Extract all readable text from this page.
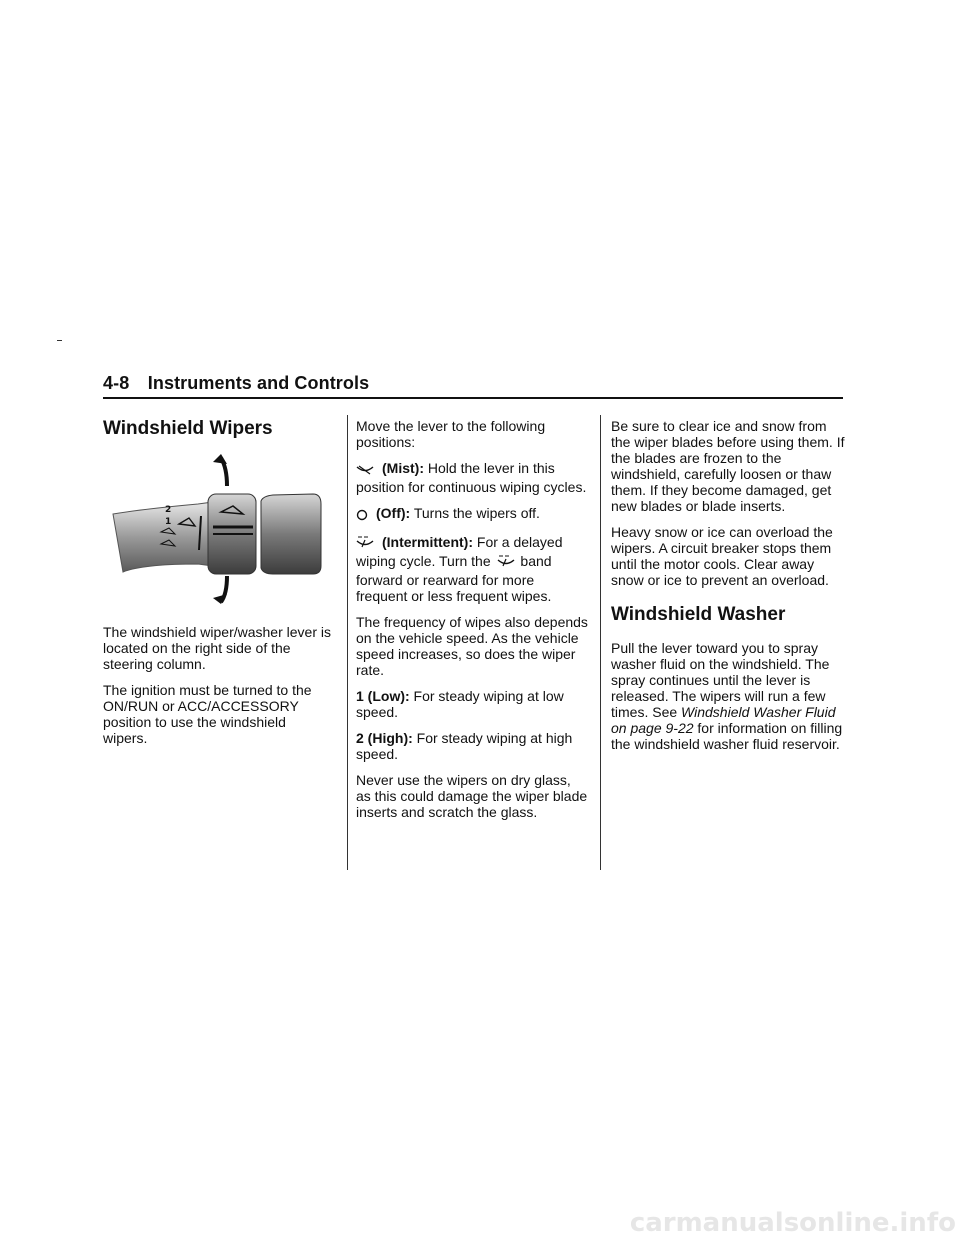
4-8 Instruments and Controls
Windshield Wipers
2
1

The windshield wiper/washer lever is located on the right side of the steering column.

The ignition must be turned to the ON/RUN or ACC/ACCESSORY position to use the windshield wipers.

Move the lever to the following positions:

(Mist): Hold the lever in this position for continuous wiping cycles.

(Off): Turns the wipers off.

(Intermittent): For a delayed wiping cycle. Turn the band forward or rearward for more frequent or less frequent wipes.

The frequency of wipes also depends on the vehicle speed. As the vehicle speed increases, so does the wiper rate.

1 (Low): For steady wiping at low speed.

2 (High): For steady wiping at high speed.

Never use the wipers on dry glass, as this could damage the wiper blade inserts and scratch the glass.

Be sure to clear ice and snow from the wiper blades before using them. If the blades are frozen to the windshield, carefully loosen or thaw them. If they become damaged, get new blades or blade inserts.

Heavy snow or ice can overload the wipers. A circuit breaker stops them until the motor cools. Clear away snow or ice to prevent an overload.

Windshield Washer

Pull the lever toward you to spray washer fluid on the windshield. The spray continues until the lever is released. The wipers will run a few times. See Windshield Washer Fluid on page 9-22 for information on filling the windshield washer fluid reservoir.

carmanualsonline.info
